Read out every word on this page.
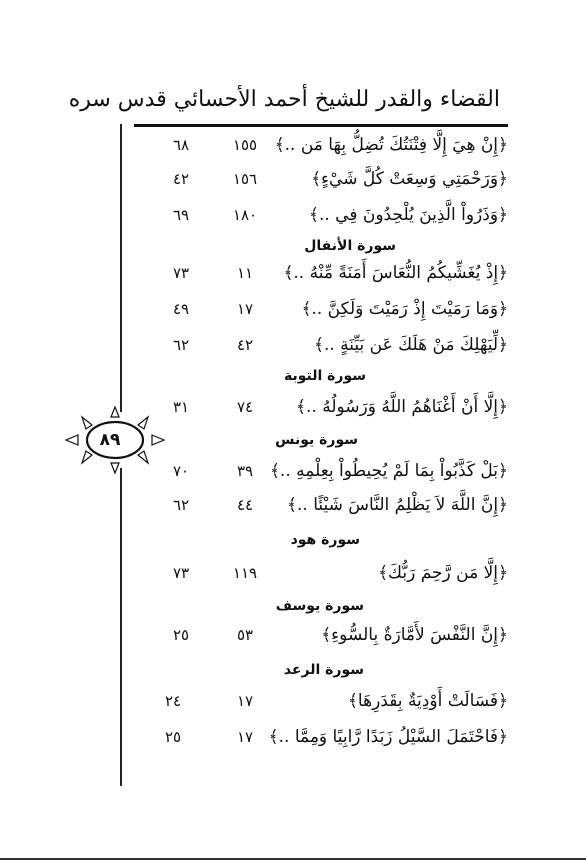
القضاء والقدر للشيخ أحمد الأحسائي قدس سره
٨٩
﴿إِنْ هِيَ إِلَّا فِتْنَتُكَ تُضِلُّ بِهَا مَن ..﴾
١٥٥
٦٨
﴿وَرَحْمَتِي وَسِعَتْ كُلَّ شَيْءٍ﴾
١٥٦
٤٢
﴿وَذَرُواْ الَّذِينَ يُلْحِدُونَ فِي ..﴾
١٨٠
٦٩
سورة الأنفال
﴿إِذْ يُغَشِّيكُمُ النُّعَاسَ أَمَنَةً مِّنْهُ ..﴾
١١
٧٣
﴿وَمَا رَمَيْتَ إِذْ رَمَيْتَ وَلَكِنَّ ..﴾
١٧
٤٩
﴿لِّيَهْلِكَ مَنْ هَلَكَ عَن بَيِّنَةٍ ..﴾
٤٢
٦٢
سورة التوبة
﴿إِلَّا أَنْ أَغْنَاهُمُ اللَّهُ وَرَسُولُهُ ..﴾
٧٤
٣١
سورة يونس
﴿بَلْ كَذَّبُواْ بِمَا لَمْ يُحِيطُواْ بِعِلْمِهِ ..﴾
٣٩
٧٠
﴿إِنَّ اللَّهَ لاَ يَظْلِمُ النَّاسَ شَيْئًا ..﴾
٤٤
٦٢
سورة هود
﴿إِلَّا مَن رَّحِمَ رَبُّكَ﴾
١١٩
٧٣
سورة يوسف
﴿إِنَّ النَّفْسَ لأَمَّارَةٌ بِالسُّوءِ﴾
٥٣
٢٥
سورة الرعد
﴿فَسَالَتْ أَوْدِيَةٌ بِقَدَرِهَا﴾
١٧
٢٤
﴿فَاحْتَمَلَ السَّيْلُ زَبَدًا رَّابِيًا وَمِمَّا ..﴾
١٧
٢٥
